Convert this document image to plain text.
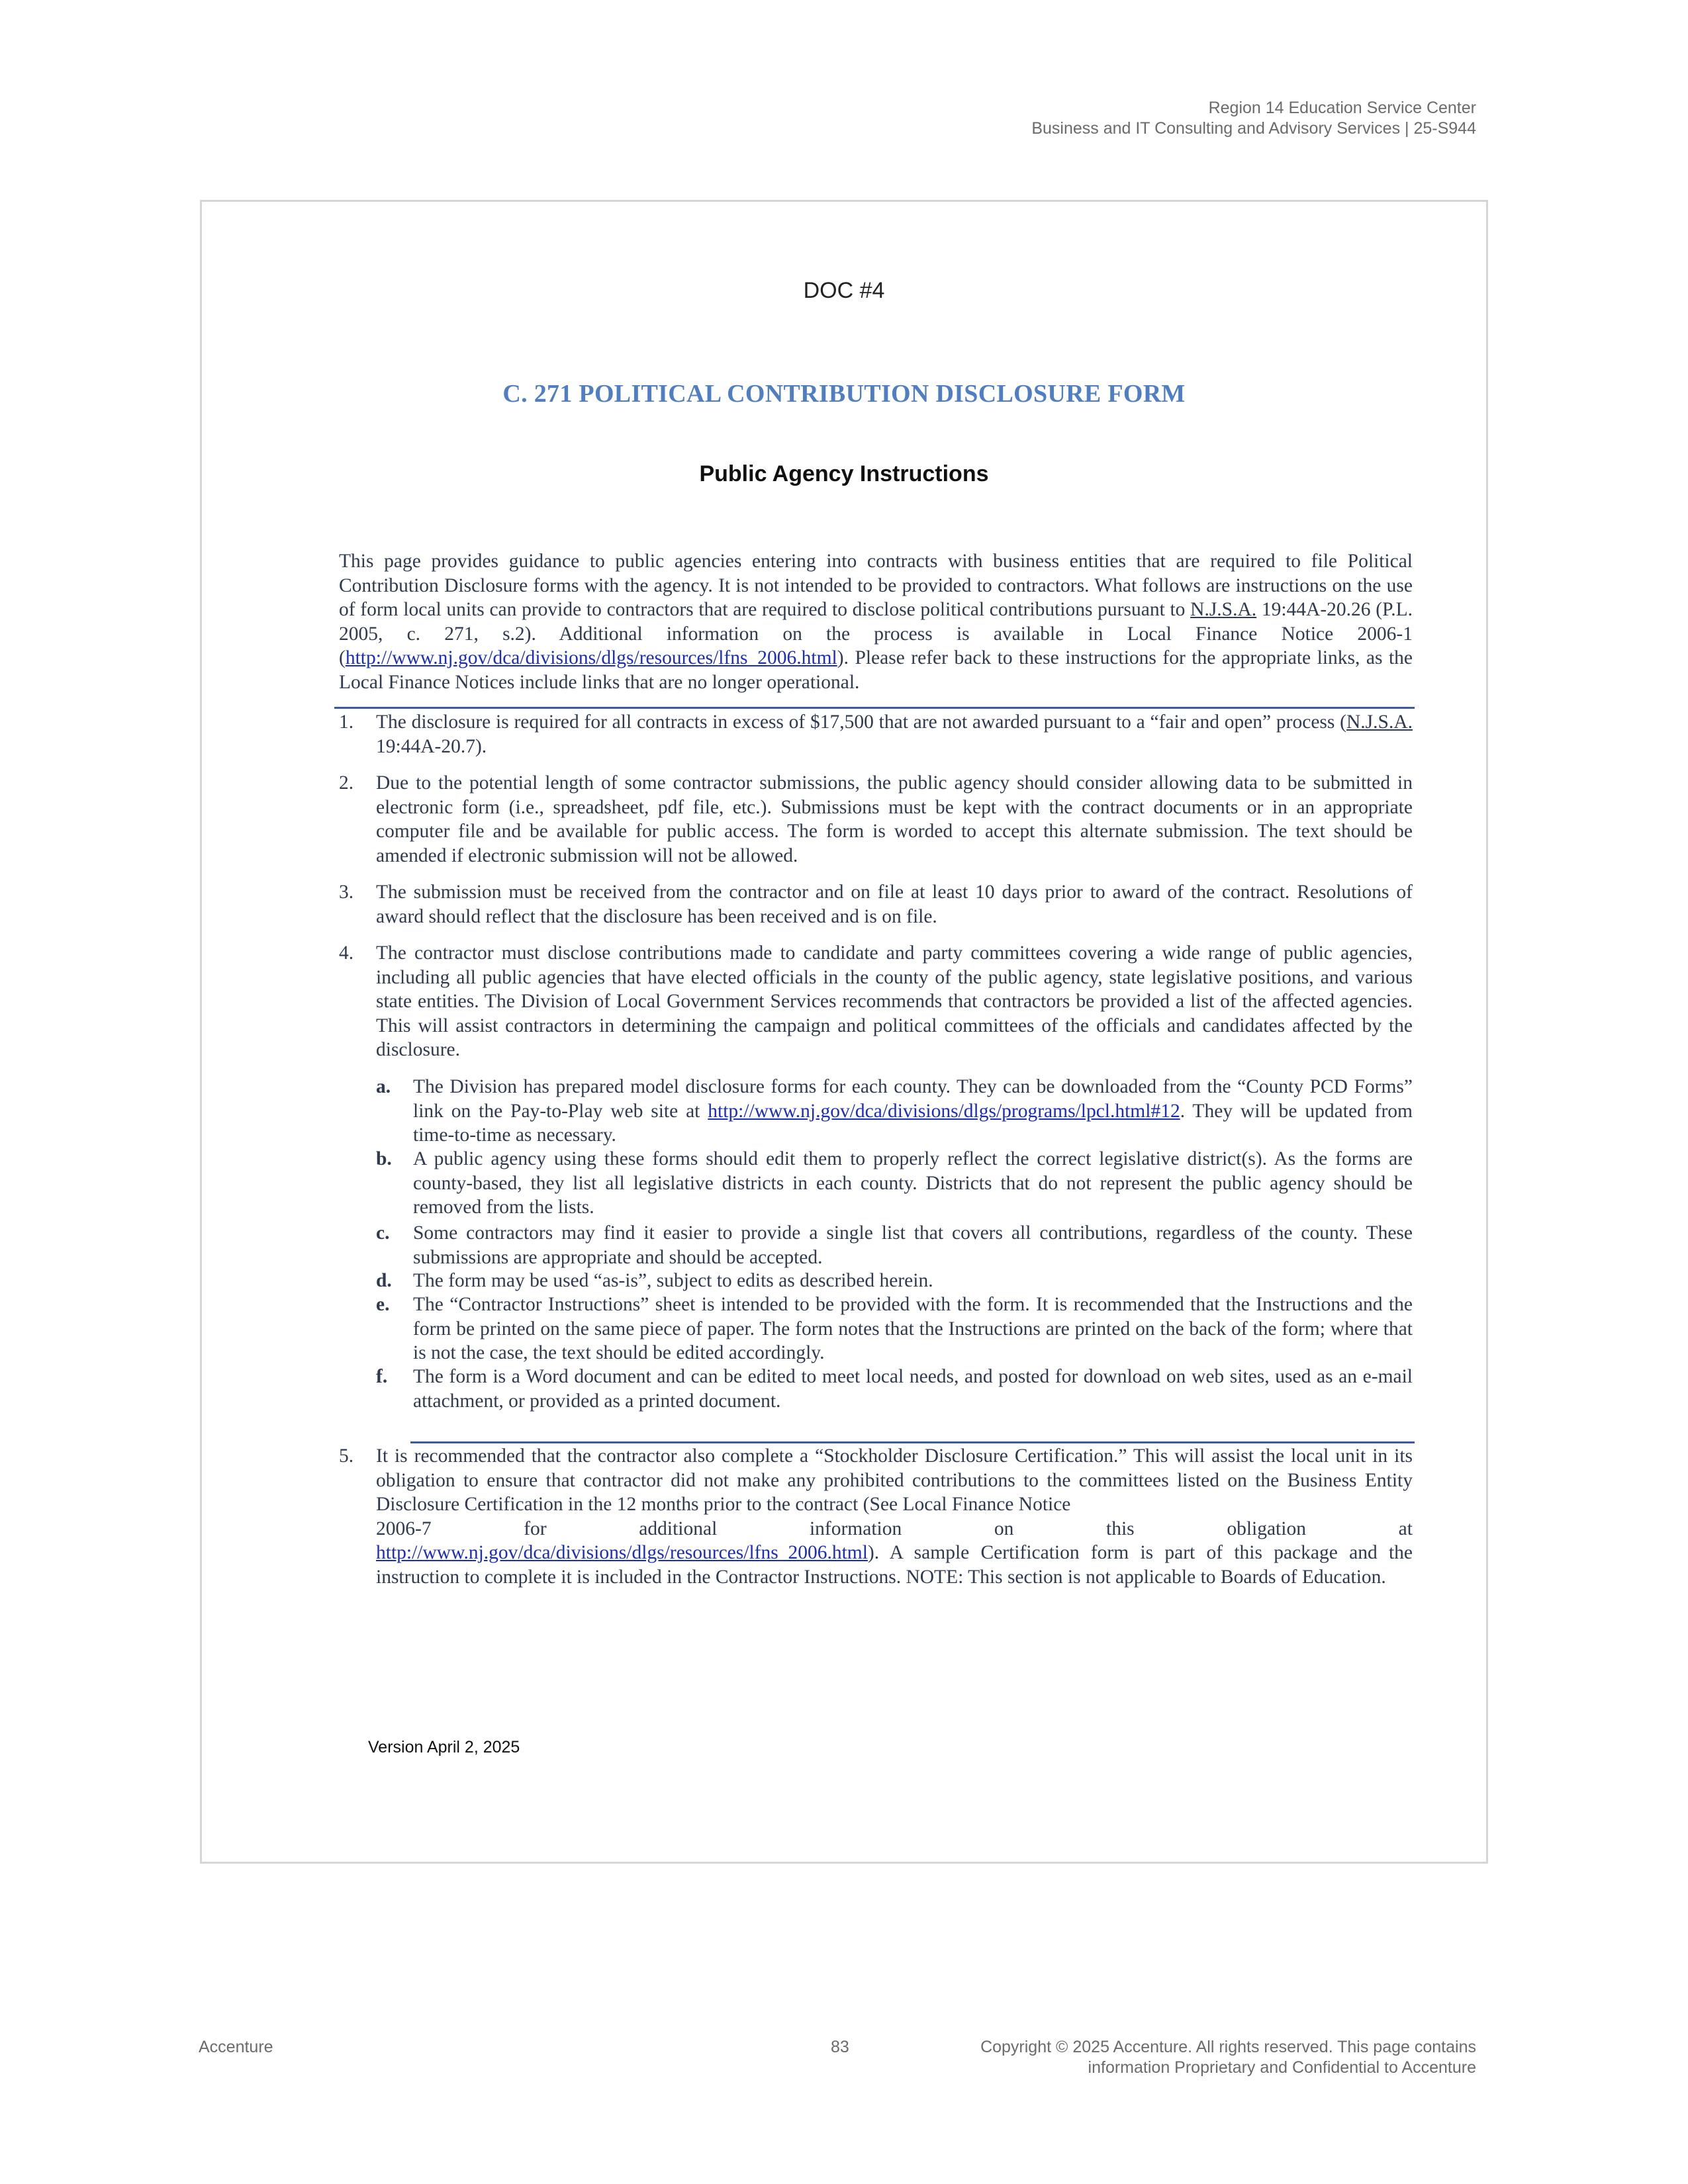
Region 14 Education Service Center
Business and IT Consulting and Advisory Services | 25-S944
DOC #4
C. 271 POLITICAL CONTRIBUTION DISCLOSURE FORM
Public Agency Instructions
This page provides guidance to public agencies entering into contracts with business entities that are required to file Political Contribution Disclosure forms with the agency. It is not intended to be provided to contractors. What follows are instructions on the use of form local units can provide to contractors that are required to disclose political contributions pursuant to N.J.S.A. 19:44A-20.26 (P.L. 2005, c. 271, s.2). Additional information on the process is available in Local Finance Notice 2006-1 (http://www.nj.gov/dca/divisions/dlgs/resources/lfns_2006.html). Please refer back to these instructions for the appropriate links, as the Local Finance Notices include links that are no longer operational.
1.	The disclosure is required for all contracts in excess of $17,500 that are not awarded pursuant to a “fair and open” process (N.J.S.A. 19:44A-20.7).
2.	Due to the potential length of some contractor submissions, the public agency should consider allowing data to be submitted in electronic form (i.e., spreadsheet, pdf file, etc.). Submissions must be kept with the contract documents or in an appropriate computer file and be available for public access. The form is worded to accept this alternate submission. The text should be amended if electronic submission will not be allowed.
3.	The submission must be received from the contractor and on file at least 10 days prior to award of the contract. Resolutions of award should reflect that the disclosure has been received and is on file.
4.	The contractor must disclose contributions made to candidate and party committees covering a wide range of public agencies, including all public agencies that have elected officials in the county of the public agency, state legislative positions, and various state entities. The Division of Local Government Services recommends that contractors be provided a list of the affected agencies. This will assist contractors in determining the campaign and political committees of the officials and candidates affected by the disclosure.
a. The Division has prepared model disclosure forms for each county. They can be downloaded from the “County PCD Forms” link on the Pay-to-Play web site at http://www.nj.gov/dca/divisions/dlgs/programs/lpcl.html#12. They will be updated from time-to-time as necessary.
b. A public agency using these forms should edit them to properly reflect the correct legislative district(s). As the forms are county-based, they list all legislative districts in each county. Districts that do not represent the public agency should be removed from the lists.
c. Some contractors may find it easier to provide a single list that covers all contributions, regardless of the county. These submissions are appropriate and should be accepted.
d. The form may be used “as-is”, subject to edits as described herein.
e. The “Contractor Instructions” sheet is intended to be provided with the form. It is recommended that the Instructions and the form be printed on the same piece of paper. The form notes that the Instructions are printed on the back of the form; where that is not the case, the text should be edited accordingly.
f. The form is a Word document and can be edited to meet local needs, and posted for download on web sites, used as an e-mail attachment, or provided as a printed document.
5.	It is recommended that the contractor also complete a “Stockholder Disclosure Certification.” This will assist the local unit in its obligation to ensure that contractor did not make any prohibited contributions to the committees listed on the Business Entity Disclosure Certification in the 12 months prior to the contract (See Local Finance Notice
2006-7	for	additional	information	on	this	obligation	at
http://www.nj.gov/dca/divisions/dlgs/resources/lfns_2006.html). A sample Certification form is part of this package and the instruction to complete it is included in the Contractor Instructions. NOTE: This section is not applicable to Boards of Education.
Version April 2, 2025
Accenture	83	Copyright © 2025 Accenture. All rights reserved. This page contains
information Proprietary and Confidential to Accenture
